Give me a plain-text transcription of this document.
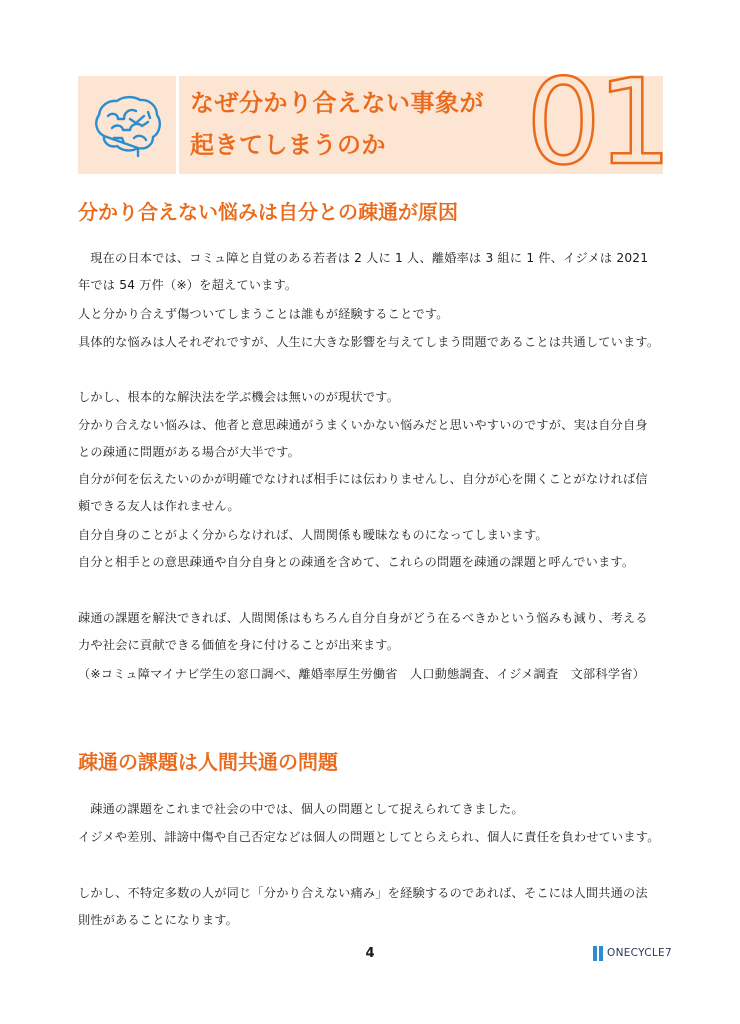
なぜ分かり合えない事象が
起きてしまうのか	01
分かり合えない悩みは自分との疎通が原因

現在の日本では、コミュ障と自覚のある若者は 2 人に 1 人、離婚率は 3 組に 1 件、イジメは 2021 年では 54 万件（※）を超えています。

人と分かり合えず傷ついてしまうことは誰もが経験することです。

具体的な悩みは人それぞれですが、人生に大きな影響を与えてしまう問題であることは共通しています。

しかし、根本的な解決法を学ぶ機会は無いのが現状です。

分かり合えない悩みは、他者と意思疎通がうまくいかない悩みだと思いやすいのですが、実は自分自身との疎通に問題がある場合が大半です。

自分が何を伝えたいのかが明確でなければ相手には伝わりませんし、自分が心を開くことがなければ信頼できる友人は作れません。

自分自身のことがよく分からなければ、人間関係も曖昧なものになってしまいます。

自分と相手との意思疎通や自分自身との疎通を含めて、これらの問題を疎通の課題と呼んでいます。

疎通の課題を解決できれば、人間関係はもちろん自分自身がどう在るべきかという悩みも減り、考える力や社会に貢献できる価値を身に付けることが出来ます。

（※コミュ障マイナビ学生の窓口調べ、離婚率厚生労働省　人口動態調査、イジメ調査　文部科学省）

疎通の課題は人間共通の問題

疎通の課題をこれまで社会の中では、個人の問題として捉えられてきました。

イジメや差別、誹謗中傷や自己否定などは個人の問題としてとらえられ、個人に責任を負わせています。

しかし、不特定多数の人が同じ「分かり合えない痛み」を経験するのであれば、そこには人間共通の法則性があることになります。

4	ONECYCLE7
